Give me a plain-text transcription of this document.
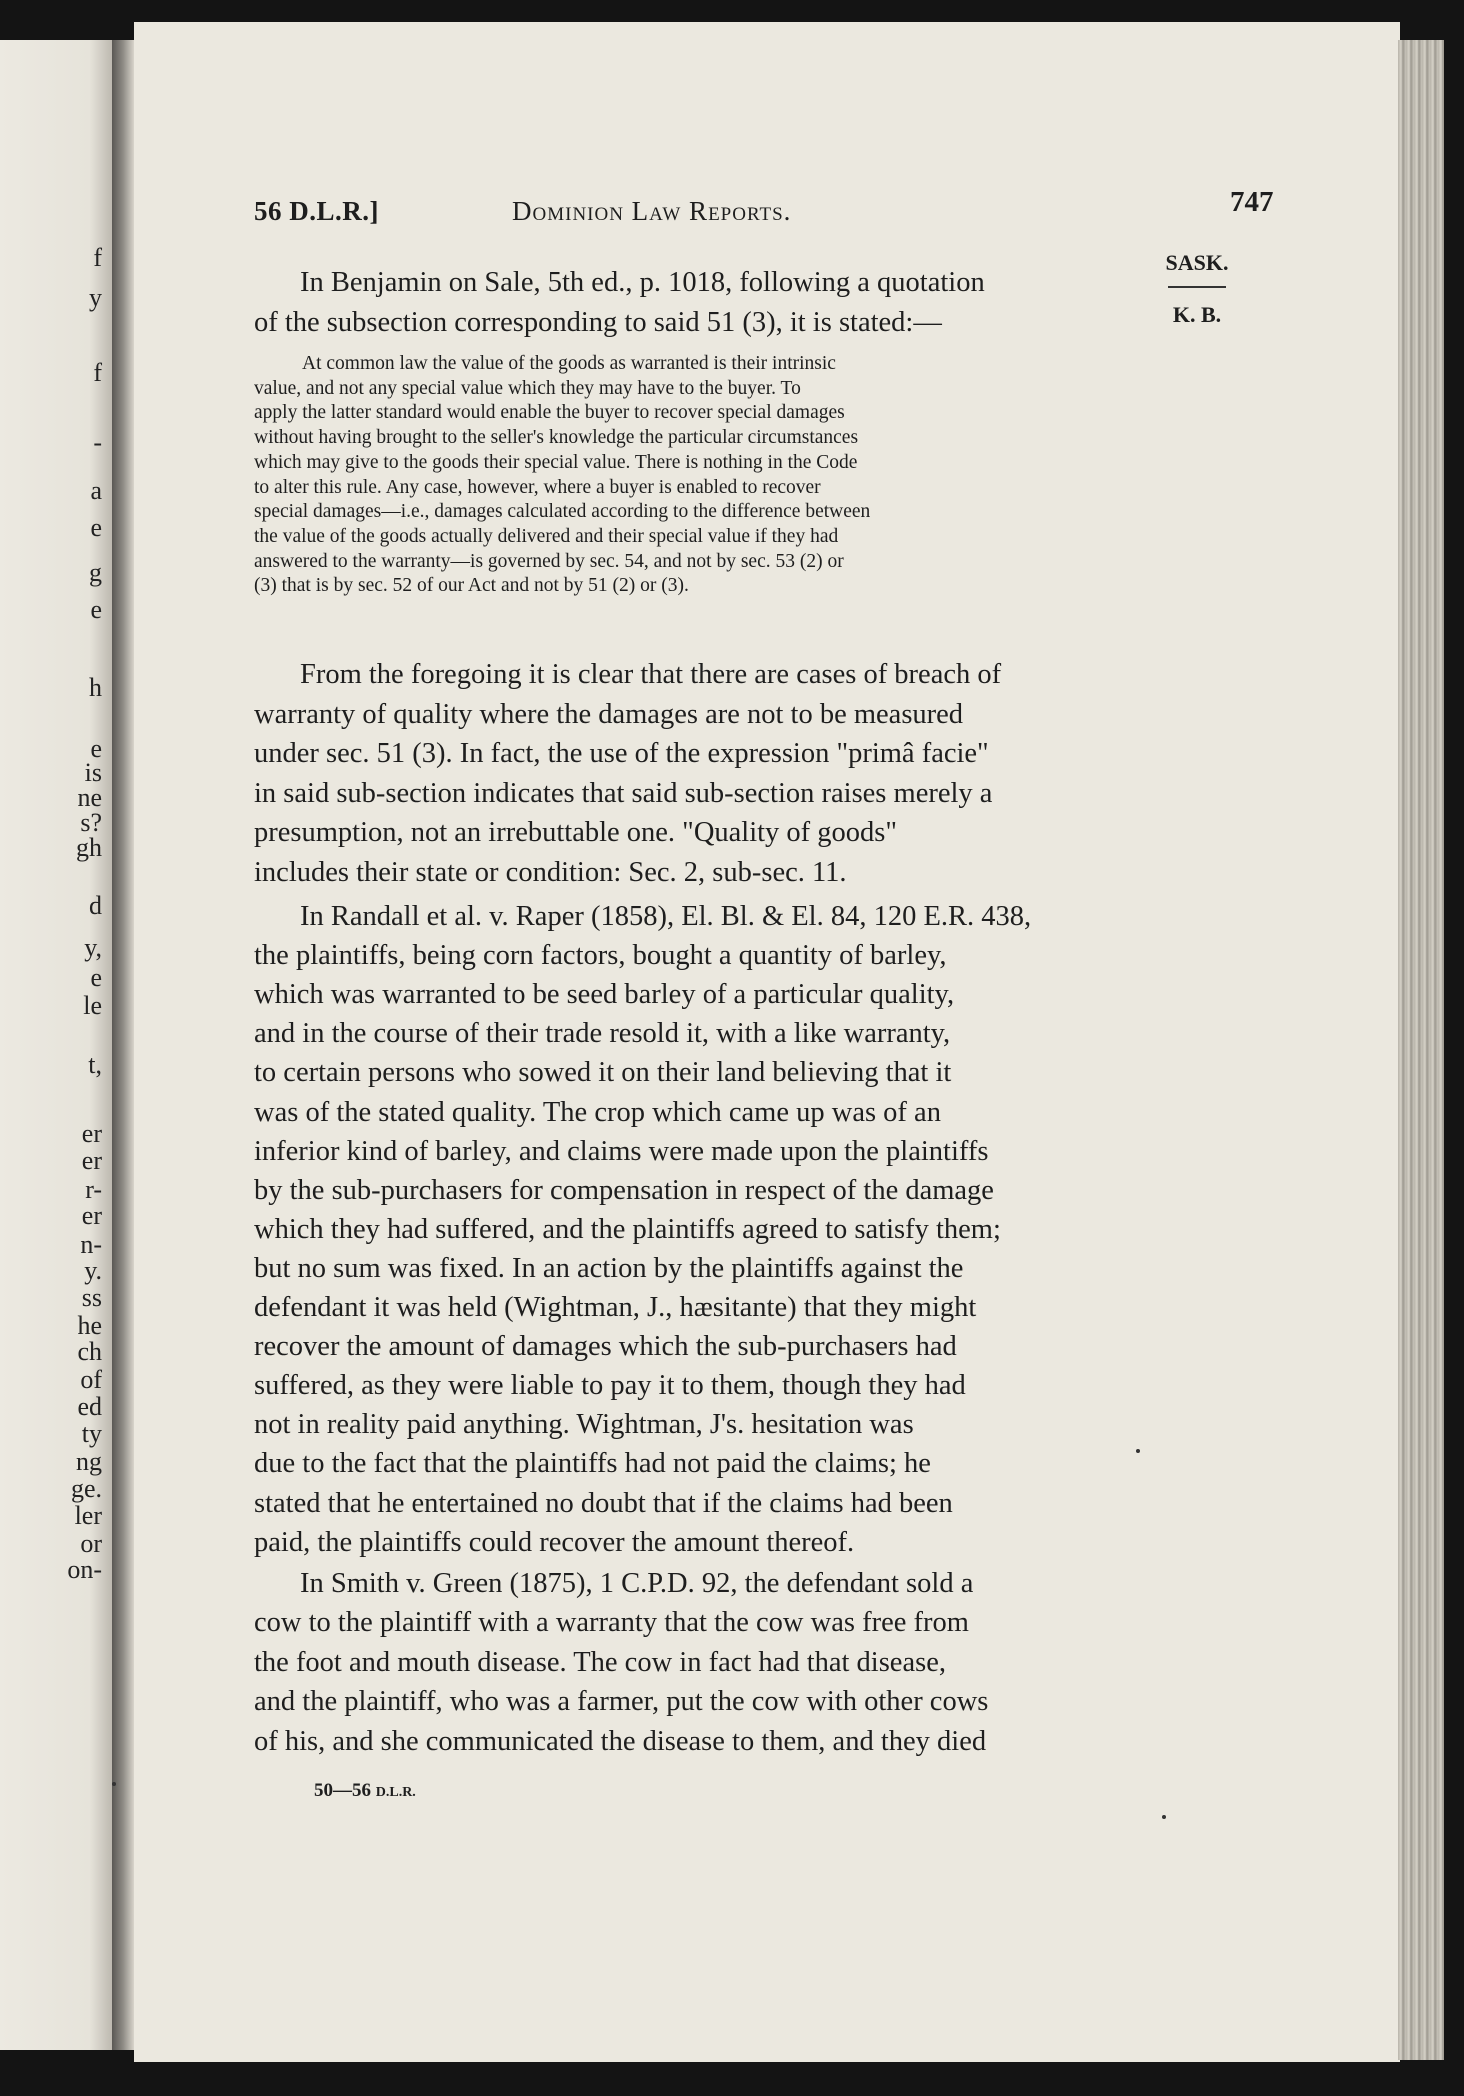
f
y
f
-
a
e
g
e
h
e
is
ne
s?
gh
d
y,
e
le
t,
er
er
r-
er
n-
y.
ss
he
ch
of
ed
ty
ng
ge.
ler
or
on-
56 D.L.R.]	Dominion Law Reports.	747
SASK.
K. B.
In Benjamin on Sale, 5th ed., p. 1018, following a quotation
of the subsection corresponding to said 51 (3), it is stated:—
At common law the value of the goods as warranted is their intrinsic
value, and not any special value which they may have to the buyer. To
apply the latter standard would enable the buyer to recover special damages
without having brought to the seller's knowledge the particular circumstances
which may give to the goods their special value. There is nothing in the Code
to alter this rule. Any case, however, where a buyer is enabled to recover
special damages—i.e., damages calculated according to the difference between
the value of the goods actually delivered and their special value if they had
answered to the warranty—is governed by sec. 54, and not by sec. 53 (2) or
(3) that is by sec. 52 of our Act and not by 51 (2) or (3).
From the foregoing it is clear that there are cases of breach of
warranty of quality where the damages are not to be measured
under sec. 51 (3). In fact, the use of the expression "primâ facie"
in said sub-section indicates that said sub-section raises merely a
presumption, not an irrebuttable one. "Quality of goods"
includes their state or condition: Sec. 2, sub-sec. 11.
In Randall et al. v. Raper (1858), El. Bl. & El. 84, 120 E.R. 438,
the plaintiffs, being corn factors, bought a quantity of barley,
which was warranted to be seed barley of a particular quality,
and in the course of their trade resold it, with a like warranty,
to certain persons who sowed it on their land believing that it
was of the stated quality. The crop which came up was of an
inferior kind of barley, and claims were made upon the plaintiffs
by the sub-purchasers for compensation in respect of the damage
which they had suffered, and the plaintiffs agreed to satisfy them;
but no sum was fixed. In an action by the plaintiffs against the
defendant it was held (Wightman, J., hæsitante) that they might
recover the amount of damages which the sub-purchasers had
suffered, as they were liable to pay it to them, though they had
not in reality paid anything. Wightman, J's. hesitation was
due to the fact that the plaintiffs had not paid the claims; he
stated that he entertained no doubt that if the claims had been
paid, the plaintiffs could recover the amount thereof.
In Smith v. Green (1875), 1 C.P.D. 92, the defendant sold a
cow to the plaintiff with a warranty that the cow was free from
the foot and mouth disease. The cow in fact had that disease,
and the plaintiff, who was a farmer, put the cow with other cows
of his, and she communicated the disease to them, and they died
50—56 D.L.R.
